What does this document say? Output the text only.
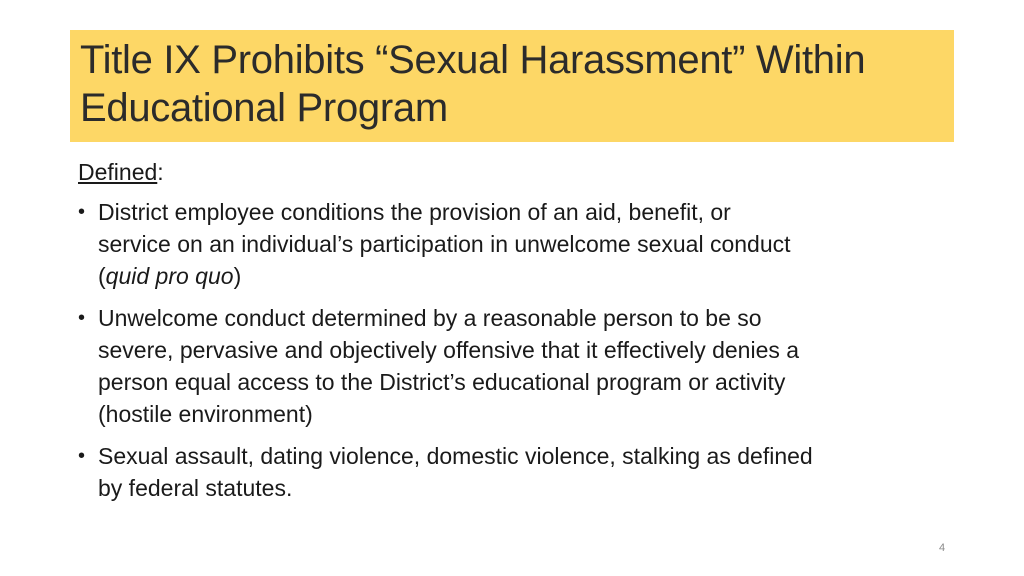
Title IX Prohibits “Sexual Harassment” Within
Educational Program

Defined:

• District employee conditions the provision of an aid, benefit, or
service on an individual’s participation in unwelcome sexual conduct
(quid pro quo)
• Unwelcome conduct determined by a reasonable person to be so
severe, pervasive and objectively offensive that it effectively denies a
person equal access to the District’s educational program or activity
(hostile environment)
• Sexual assault, dating violence, domestic violence, stalking as defined
by federal statutes.
4
